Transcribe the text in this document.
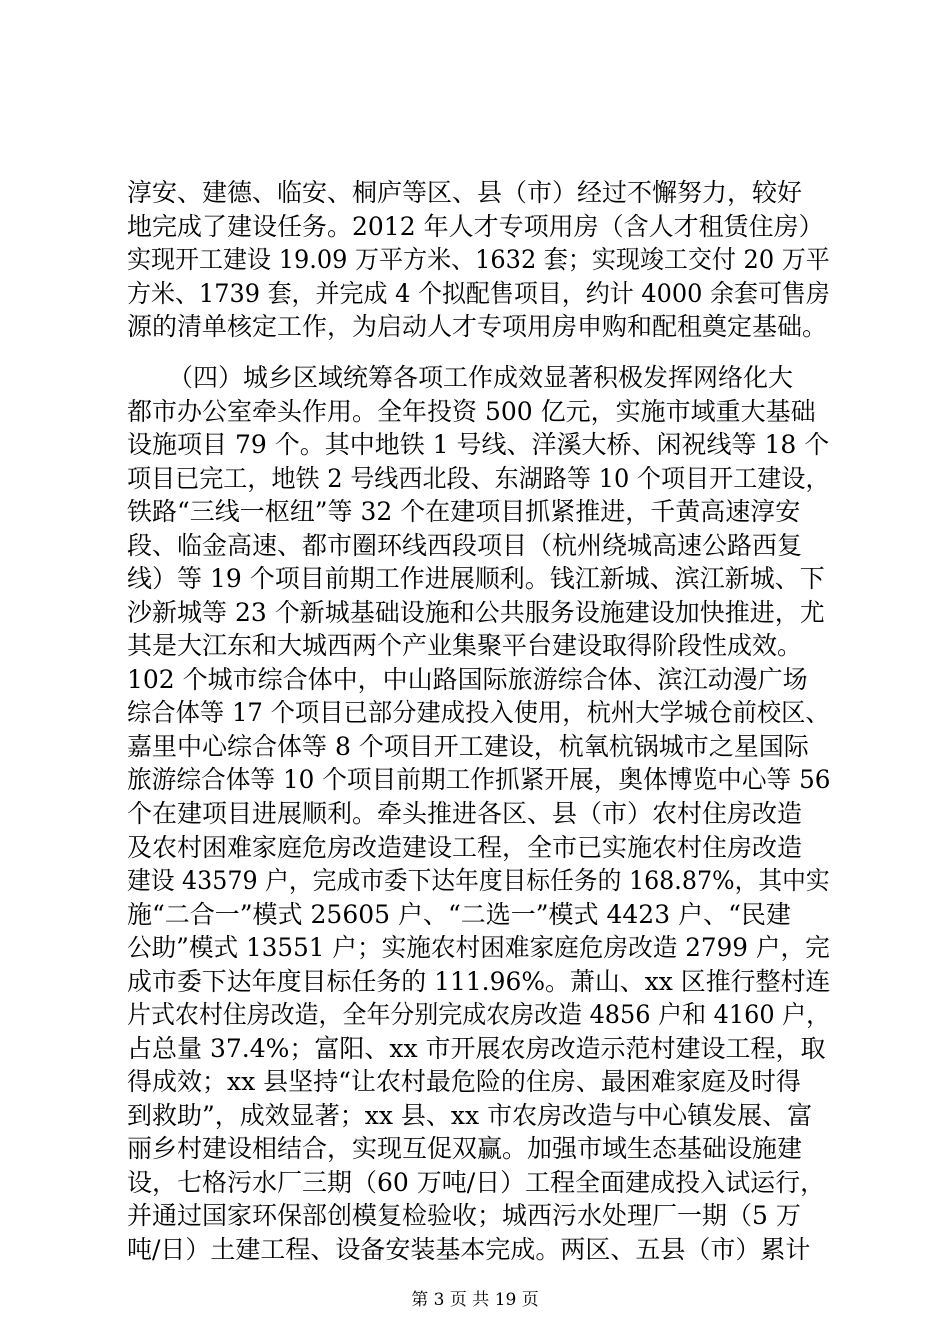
淳安、建德、临安、桐庐等区、县（市）经过不懈努力，较好
地完成了建设任务。2012 年人才专项用房（含人才租赁住房）
实现开工建设 19.09 万平方米、1632 套；实现竣工交付 20 万平
方米、1739 套，并完成 4 个拟配售项目，约计 4000 余套可售房
源的清单核定工作，为启动人才专项用房申购和配租奠定基础。
（四）城乡区域统筹各项工作成效显著积极发挥网络化大
都市办公室牵头作用。全年投资 500 亿元，实施市域重大基础
设施项目 79 个。其中地铁 1 号线、洋溪大桥、闲祝线等 18 个
项目已完工，地铁 2 号线西北段、东湖路等 10 个项目开工建设，
铁路“三线一枢纽”等 32 个在建项目抓紧推进，千黄高速淳安
段、临金高速、都市圈环线西段项目（杭州绕城高速公路西复
线）等 19 个项目前期工作进展顺利。钱江新城、滨江新城、下
沙新城等 23 个新城基础设施和公共服务设施建设加快推进，尤
其是大江东和大城西两个产业集聚平台建设取得阶段性成效。
102 个城市综合体中，中山路国际旅游综合体、滨江动漫广场
综合体等 17 个项目已部分建成投入使用，杭州大学城仓前校区、
嘉里中心综合体等 8 个项目开工建设，杭氧杭锅城市之星国际
旅游综合体等 10 个项目前期工作抓紧开展，奥体博览中心等 56
个在建项目进展顺利。牵头推进各区、县（市）农村住房改造
及农村困难家庭危房改造建设工程，全市已实施农村住房改造
建设 43579 户，完成市委下达年度目标任务的 168.87%，其中实
施“二合一”模式 25605 户、“二选一”模式 4423 户、“民建
公助”模式 13551 户；实施农村困难家庭危房改造 2799 户，完
成市委下达年度目标任务的 111.96%。萧山、xx 区推行整村连
片式农村住房改造，全年分别完成农房改造 4856 户和 4160 户，
占总量 37.4%；富阳、xx 市开展农房改造示范村建设工程，取
得成效；xx 县坚持“让农村最危险的住房、最困难家庭及时得
到救助”，成效显著；xx 县、xx 市农房改造与中心镇发展、富
丽乡村建设相结合，实现互促双赢。加强市域生态基础设施建
设，七格污水厂三期（60 万吨/日）工程全面建成投入试运行，
并通过国家环保部创模复检验收；城西污水处理厂一期（5 万
吨/日）土建工程、设备安装基本完成。两区、五县（市）累计
第 3 页 共 19 页
